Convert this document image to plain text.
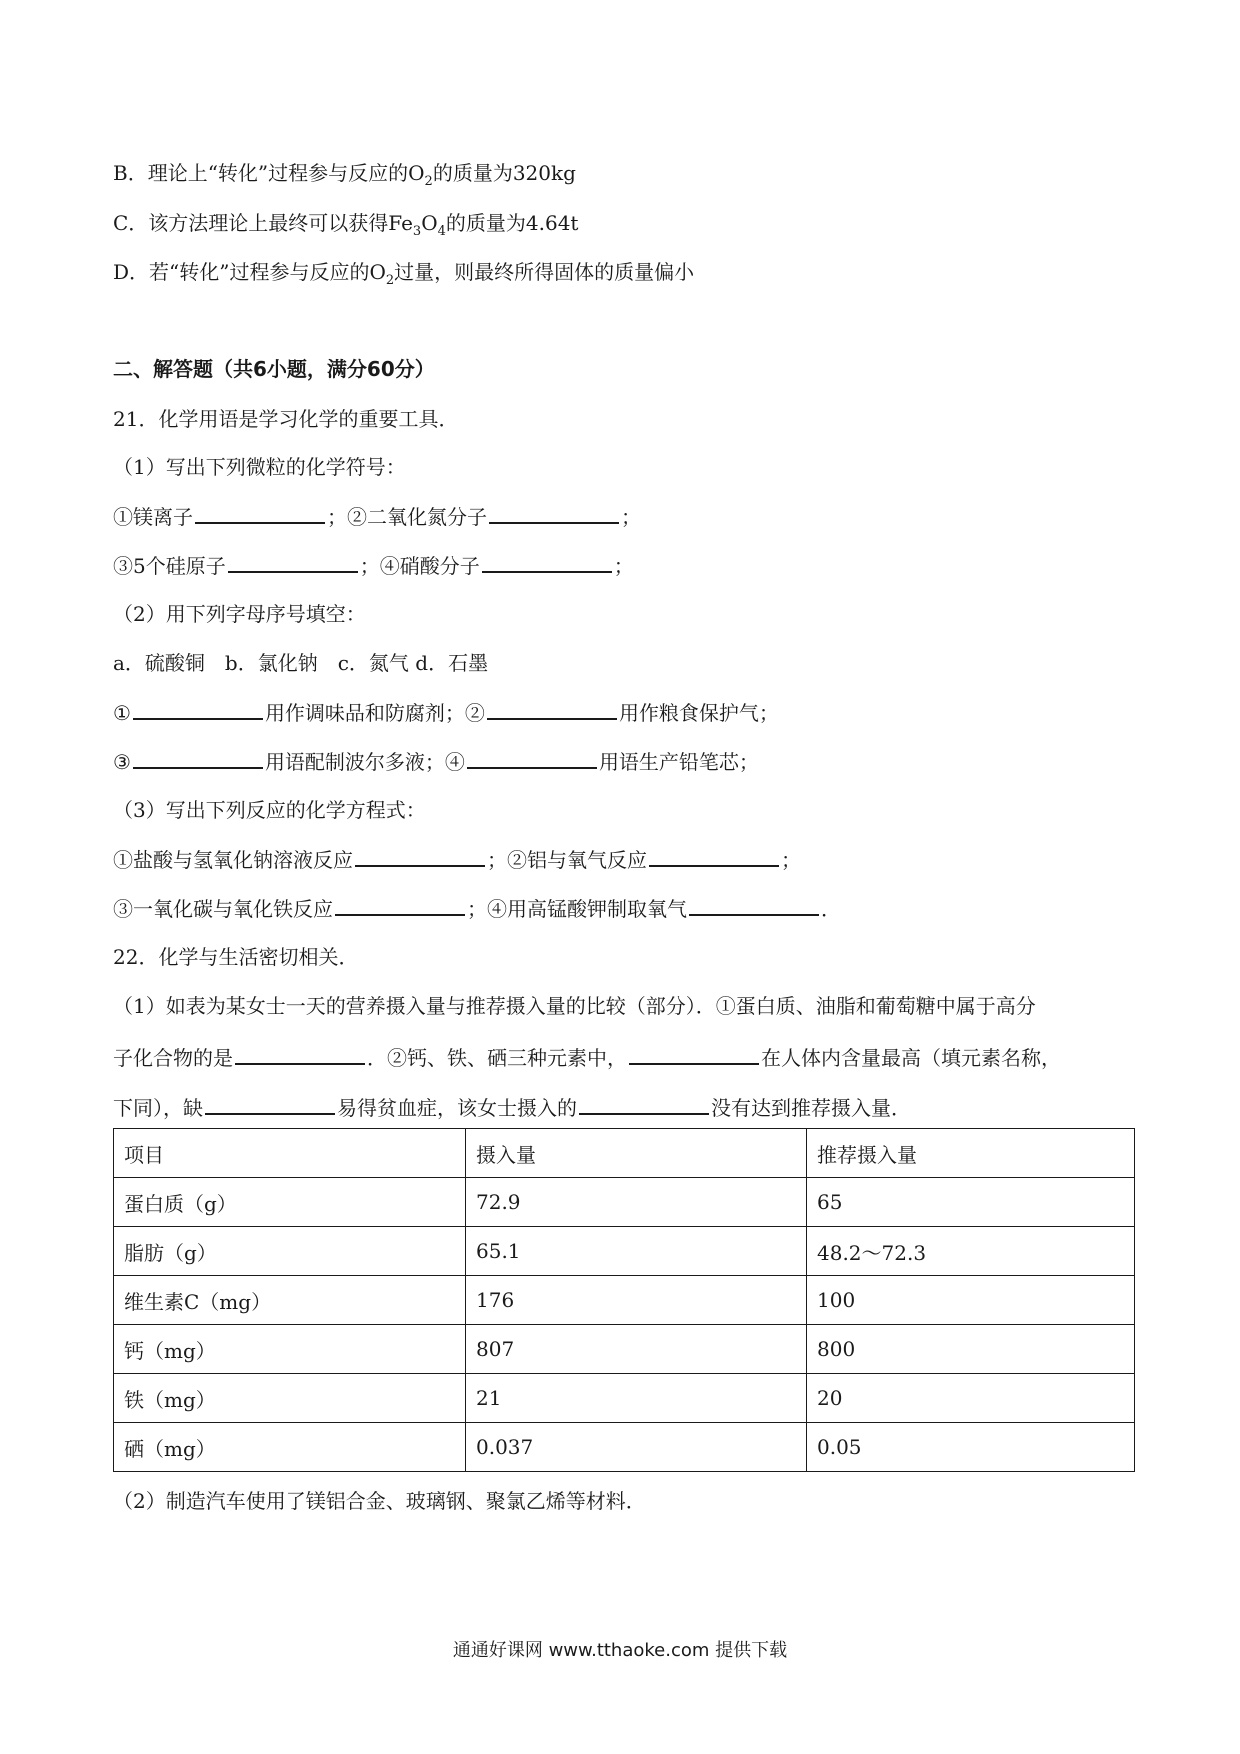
B．理论上“转化”过程参与反应的$O_2$的质量为320kg
C．该方法理论上最终可以获得$Fe_3O_4$的质量为4.64t
D．若“转化”过程参与反应的$O_2$过量，则最终所得固体的质量偏小
二、解答题（共6小题，满分60分）
21．化学用语是学习化学的重要工具．
（1）写出下列微粒的化学符号：
①镁离子	；②二氧化氮分子	；
③5个硅原子	；④硝酸分子	；
（2）用下列字母序号填空：
a．硫酸铜　b．氯化钠　c．氮气 d．石墨
①	用作调味品和防腐剂；②	用作粮食保护气；
③	用语配制波尔多液；④	用语生产铅笔芯；
（3）写出下列反应的化学方程式：
①盐酸与氢氧化钠溶液反应	；②铝与氧气反应	；
③一氧化碳与氧化铁反应	；④用高锰酸钾制取氧气	．
22．化学与生活密切相关．
（1）如表为某女士一天的营养摄入量与推荐摄入量的比较（部分）．①蛋白质、油脂和葡萄糖中属于高分
子化合物的是	．②钙、铁、硒三种元素中，	在人体内含量最高（填元素名称，
下同），缺	易得贫血症，该女士摄入的	没有达到推荐摄入量．
项目	摄入量	推荐摄入量
蛋白质（g）	72.9	65
脂肪（g）	65.1	48.2～72.3
维生素C（mg）	176	100
钙（mg）	807	800
铁（mg）	21	20
硒（mg）	0.037	0.05
（2）制造汽车使用了镁铝合金、玻璃钢、聚氯乙烯等材料．
通通好课网 www.tthaoke.com 提供下载
